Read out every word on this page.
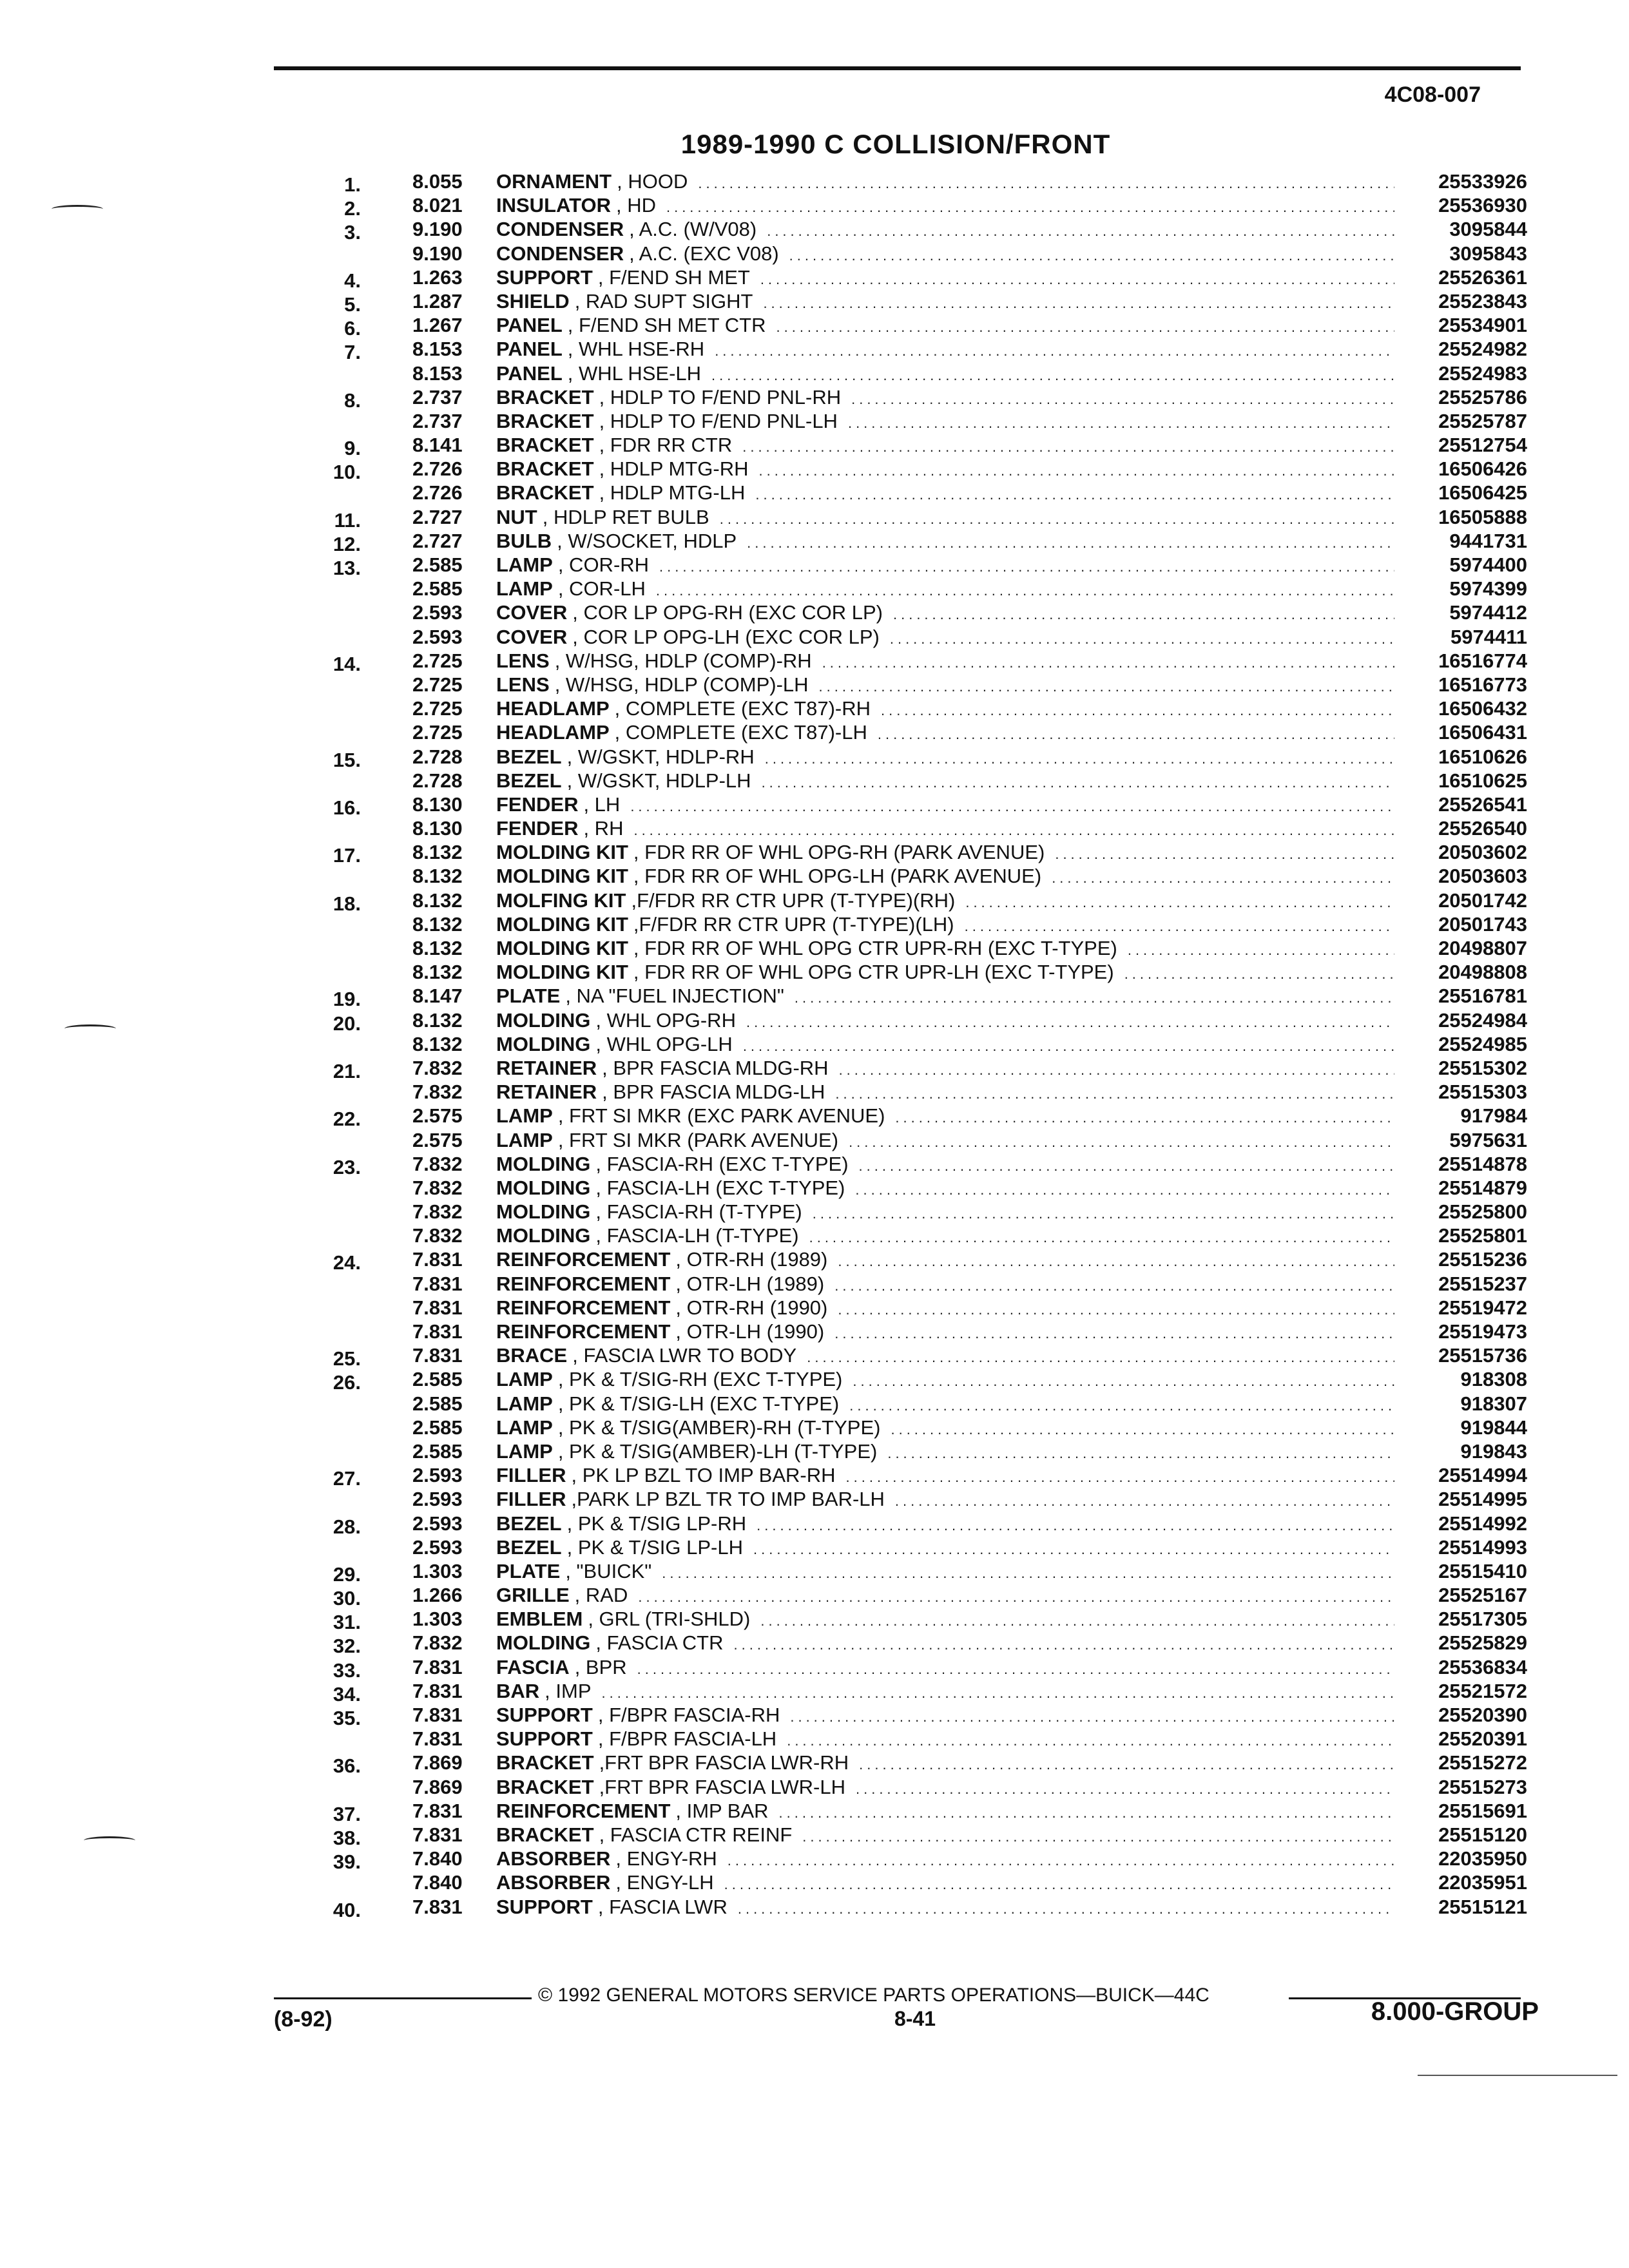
4C08-007
1989-1990 C COLLISION/FRONT
1.	8.055 ORNAMENT , HOOD .....	25533926
2.	8.021 INSULATOR , HD .....	25536930
3.	9.190 CONDENSER , A.C. (W/V08) .....	3095844
9.190 CONDENSER , A.C. (EXC V08) .....	3095843
4.	1.263 SUPPORT , F/END SH MET .....	25526361
5.	1.287 SHIELD , RAD SUPT SIGHT .....	25523843
6.	1.267 PANEL , F/END SH MET CTR .....	25534901
7.	8.153 PANEL , WHL HSE-RH .....	25524982
8.153 PANEL , WHL HSE-LH .....	25524983
8.	2.737 BRACKET , HDLP TO F/END PNL-RH .....	25525786
2.737 BRACKET , HDLP TO F/END PNL-LH .....	25525787
9.	8.141 BRACKET , FDR RR CTR .....	25512754
10.	2.726 BRACKET , HDLP MTG-RH .....	16506426
2.726 BRACKET , HDLP MTG-LH .....	16506425
11.	2.727 NUT , HDLP RET BULB .....	16505888
12.	2.727 BULB , W/SOCKET, HDLP .....	9441731
13.	2.585 LAMP , COR-RH .....	5974400
2.585 LAMP , COR-LH .....	5974399
2.593 COVER , COR LP OPG-RH (EXC COR LP) .....	5974412
2.593 COVER , COR LP OPG-LH (EXC COR LP) .....	5974411
14.	2.725 LENS , W/HSG, HDLP (COMP)-RH .....	16516774
2.725 LENS , W/HSG, HDLP (COMP)-LH .....	16516773
2.725 HEADLAMP , COMPLETE (EXC T87)-RH .....	16506432
2.725 HEADLAMP , COMPLETE (EXC T87)-LH .....	16506431
15.	2.728 BEZEL , W/GSKT, HDLP-RH .....	16510626
2.728 BEZEL , W/GSKT, HDLP-LH .....	16510625
16.	8.130 FENDER , LH .....	25526541
8.130 FENDER , RH .....	25526540
17.	8.132 MOLDING KIT , FDR RR OF WHL OPG-RH (PARK AVENUE) .....	20503602
8.132 MOLDING KIT , FDR RR OF WHL OPG-LH (PARK AVENUE) .....	20503603
18.	8.132 MOLFING KIT ,F/FDR RR CTR UPR (T-TYPE)(RH) .....	20501742
8.132 MOLDING KIT ,F/FDR RR CTR UPR (T-TYPE)(LH) .....	20501743
8.132 MOLDING KIT , FDR RR OF WHL OPG CTR UPR-RH (EXC T-TYPE) .....	20498807
8.132 MOLDING KIT , FDR RR OF WHL OPG CTR UPR-LH (EXC T-TYPE) .....	20498808
19.	8.147 PLATE , NA "FUEL INJECTION" .....	25516781
20.	8.132 MOLDING , WHL OPG-RH .....	25524984
8.132 MOLDING , WHL OPG-LH .....	25524985
21.	7.832 RETAINER , BPR FASCIA MLDG-RH .....	25515302
7.832 RETAINER , BPR FASCIA MLDG-LH .....	25515303
22.	2.575 LAMP , FRT SI MKR (EXC PARK AVENUE) .....	917984
2.575 LAMP , FRT SI MKR (PARK AVENUE) .....	5975631
23.	7.832 MOLDING , FASCIA-RH (EXC T-TYPE) .....	25514878
7.832 MOLDING , FASCIA-LH (EXC T-TYPE) .....	25514879
7.832 MOLDING , FASCIA-RH (T-TYPE) .....	25525800
7.832 MOLDING , FASCIA-LH (T-TYPE) .....	25525801
24.	7.831 REINFORCEMENT , OTR-RH (1989) .....	25515236
7.831 REINFORCEMENT , OTR-LH (1989) .....	25515237
7.831 REINFORCEMENT , OTR-RH (1990) .....	25519472
7.831 REINFORCEMENT , OTR-LH (1990) .....	25519473
25.	7.831 BRACE , FASCIA LWR TO BODY .....	25515736
26.	2.585 LAMP , PK & T/SIG-RH (EXC T-TYPE) .....	918308
2.585 LAMP , PK & T/SIG-LH (EXC T-TYPE) .....	918307
2.585 LAMP , PK & T/SIG(AMBER)-RH (T-TYPE) .....	919844
2.585 LAMP , PK & T/SIG(AMBER)-LH (T-TYPE) .....	919843
27.	2.593 FILLER , PK LP BZL TO IMP BAR-RH .....	25514994
2.593 FILLER ,PARK LP BZL TR TO IMP BAR-LH .....	25514995
28.	2.593 BEZEL , PK & T/SIG LP-RH .....	25514992
2.593 BEZEL , PK & T/SIG LP-LH .....	25514993
29.	1.303 PLATE , "BUICK" .....	25515410
30.	1.266 GRILLE , RAD .....	25525167
31.	1.303 EMBLEM , GRL (TRI-SHLD) .....	25517305
32.	7.832 MOLDING , FASCIA CTR .....	25525829
33.	7.831 FASCIA , BPR .....	25536834
34.	7.831 BAR , IMP .....	25521572
35.	7.831 SUPPORT , F/BPR FASCIA-RH .....	25520390
7.831 SUPPORT , F/BPR FASCIA-LH .....	25520391
36.	7.869 BRACKET ,FRT BPR FASCIA LWR-RH .....	25515272
7.869 BRACKET ,FRT BPR FASCIA LWR-LH .....	25515273
37.	7.831 REINFORCEMENT , IMP BAR .....	25515691
38.	7.831 BRACKET , FASCIA CTR REINF .....	25515120
39.	7.840 ABSORBER , ENGY-RH .....	22035950
7.840 ABSORBER , ENGY-LH .....	22035951
40.	7.831 SUPPORT , FASCIA LWR .....	25515121
© 1992 GENERAL MOTORS SERVICE PARTS OPERATIONS—BUICK—44C
(8-92)	8-41	8.000-GROUP
